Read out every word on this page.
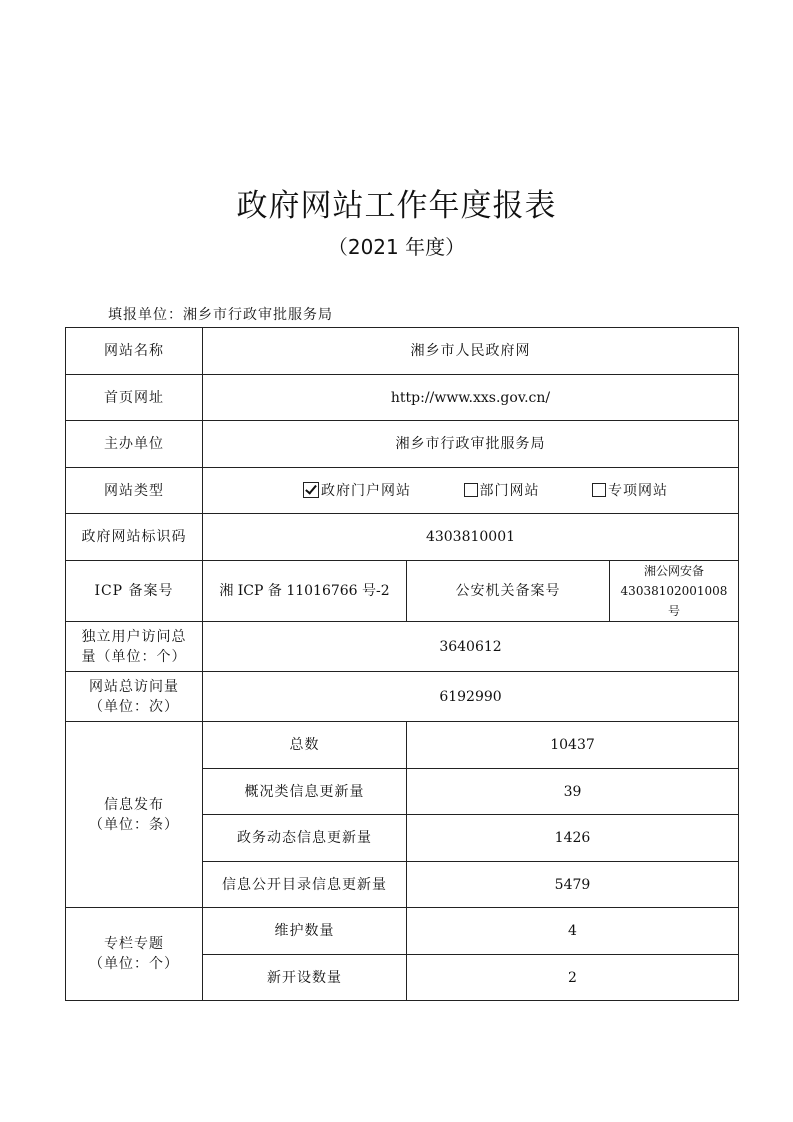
政府网站工作年度报表
（2021 年度）
填报单位：湘乡市行政审批服务局
网站名称	湘乡市人民政府网		
首页网址	http://www.xxs.gov.cn/		
主办单位	湘乡市行政审批服务局		
网站类型	政府门户网站 部门网站 专项网站		
政府网站标识码	4303810001		
ICP 备案号	湘 ICP 备 11016766 号-2	公安机关备案号	湘公网安备
43038102001008 号

独立用户访问总
量（单位：个）	3640612		

网站总访问量
（单位：次）	6192990		

信息发布
（单位：条）	总数	10437	
	概况类信息更新量	39	
	政务动态信息更新量	1426	
	信息公开目录信息更新量	5479	

专栏专题
（单位：个）	维护数量	4	
	新开设数量	2	
